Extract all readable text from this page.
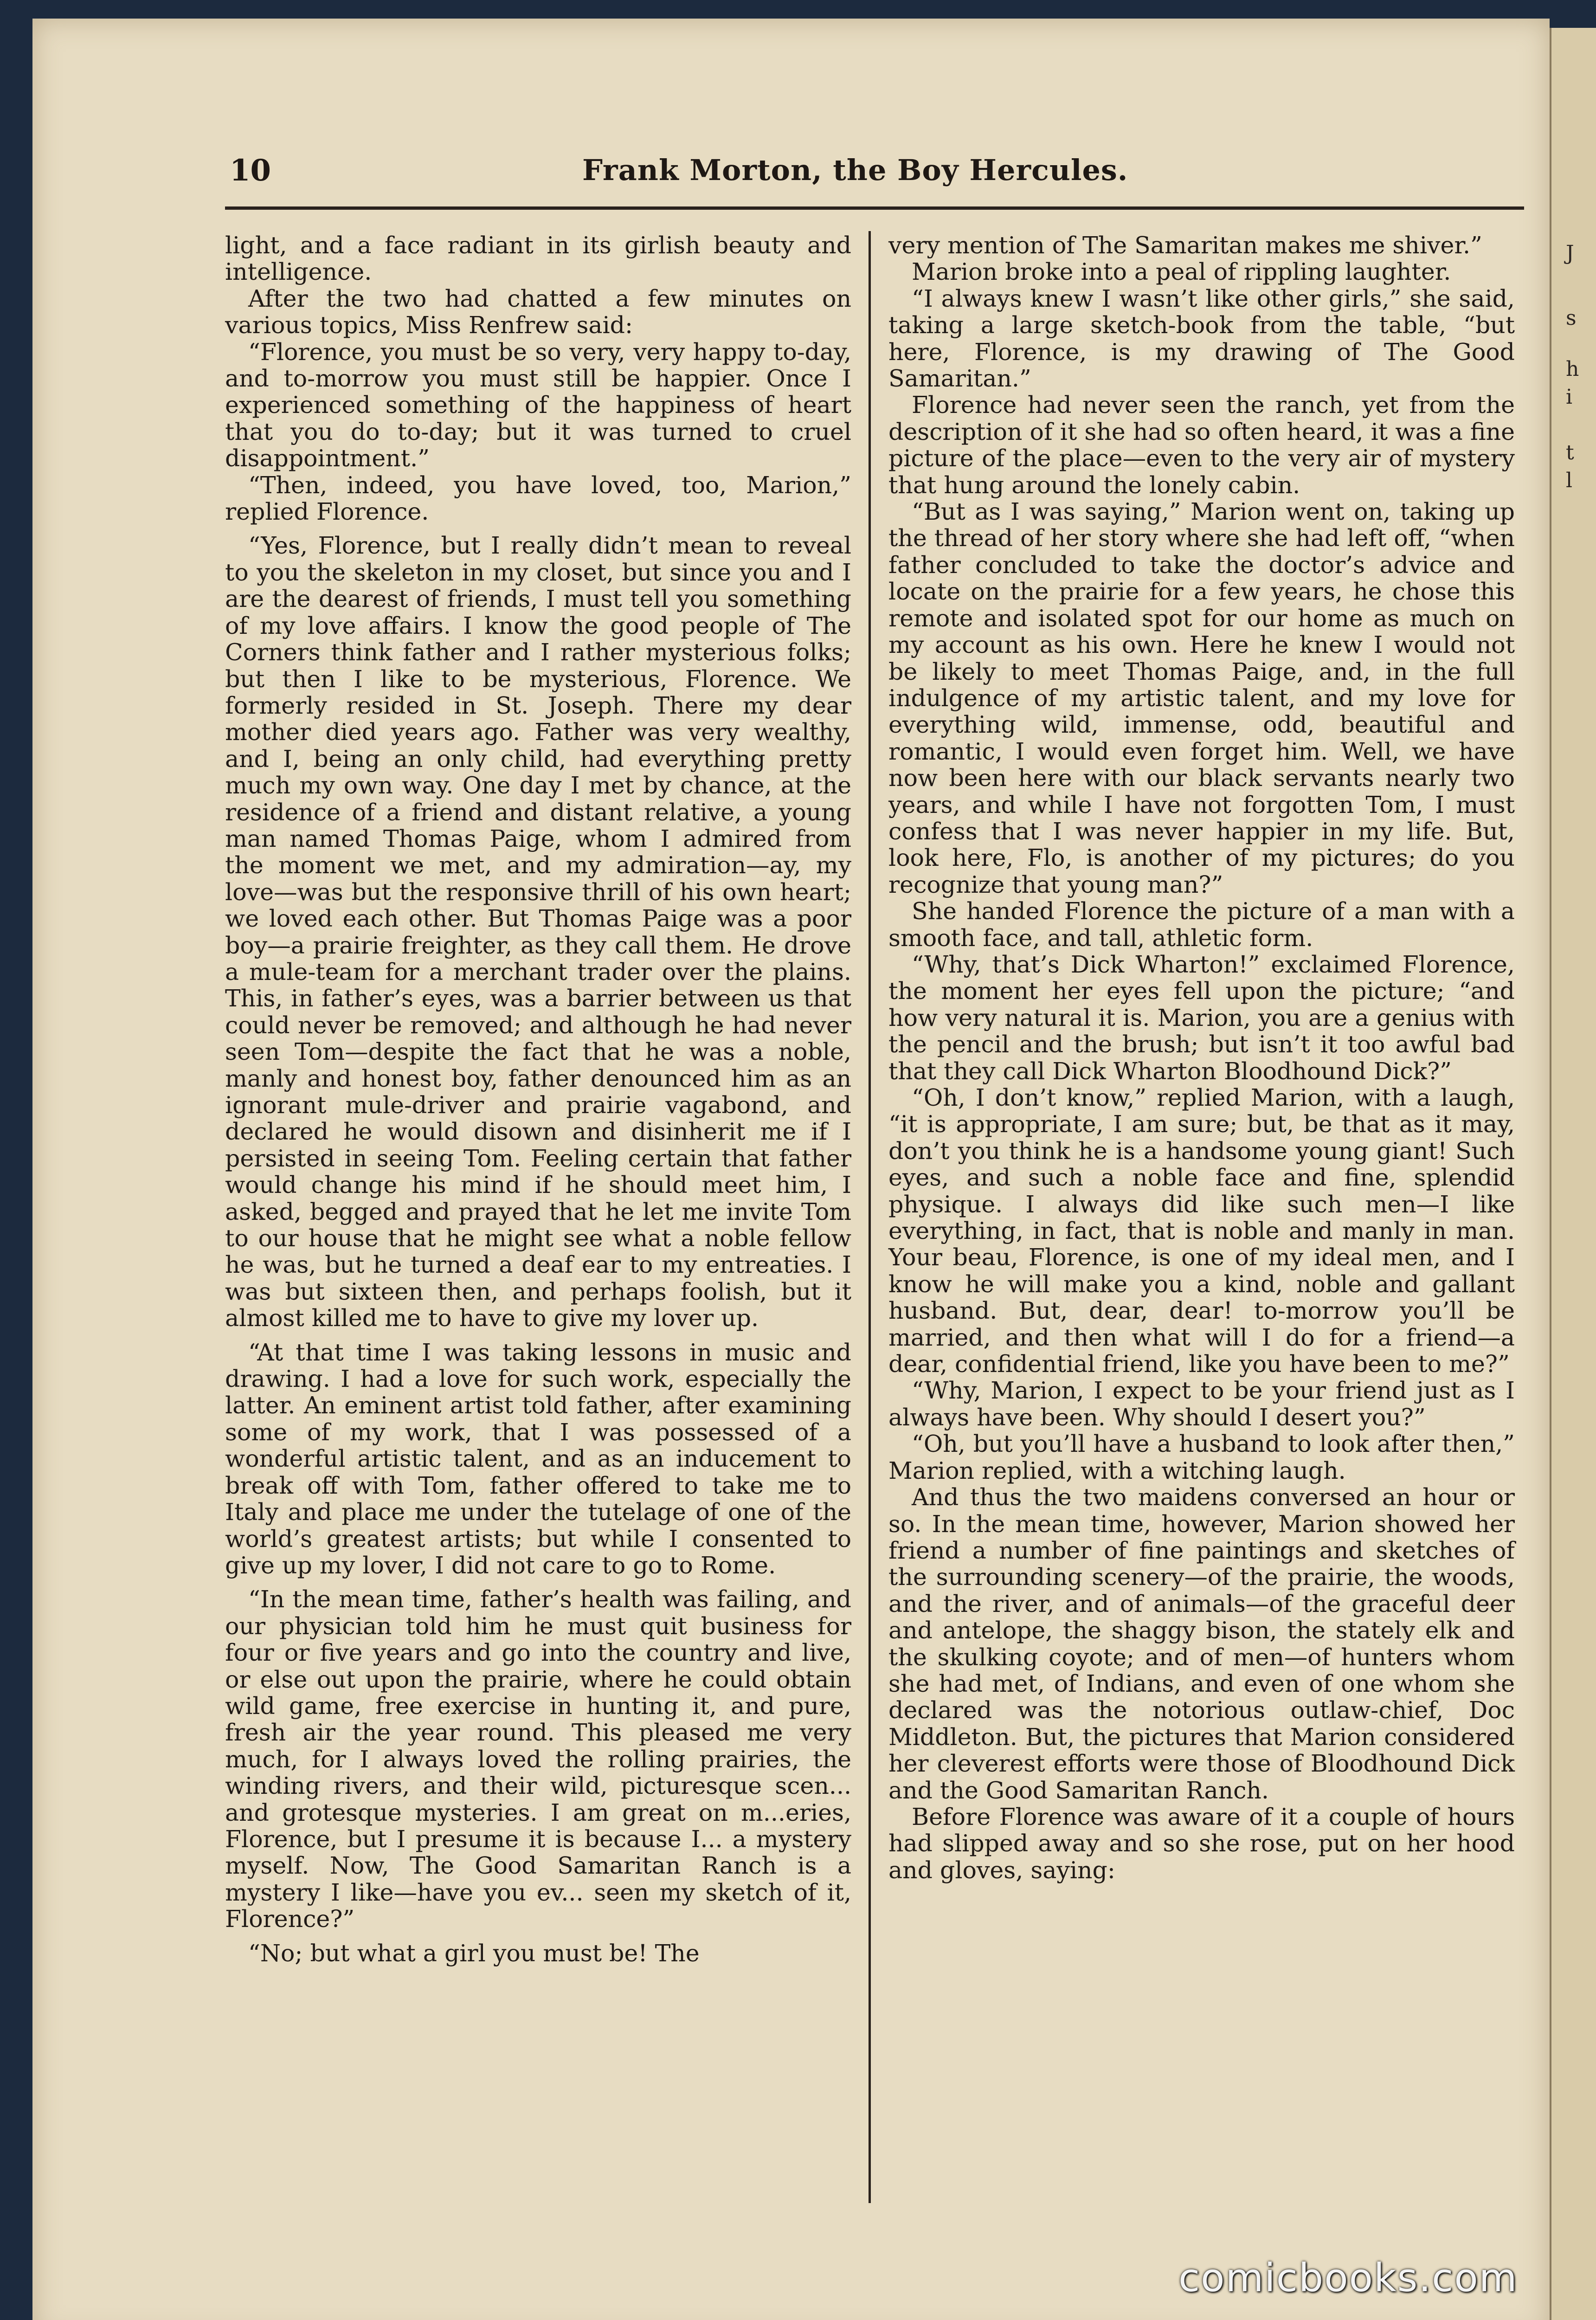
J
s
h
i
t
l
10	Frank Morton, the Boy Hercules.

light, and a face radiant in its girlish beauty and intelligence.

After the two had chatted a few minutes on various topics, Miss Renfrew said:

“Florence, you must be so very, very happy to-day, and to-morrow you must still be happier. Once I experienced something of the happiness of heart that you do to-day; but it was turned to cruel disappointment.”

“Then, indeed, you have loved, too, Marion,” replied Florence.

“Yes, Florence, but I really didn’t mean to reveal to you the skeleton in my closet, but since you and I are the dearest of friends, I must tell you something of my love affairs. I know the good people of The Corners think father and I rather mysterious folks; but then I like to be mysterious, Florence. We formerly resided in St. Joseph. There my dear mother died years ago. Father was very wealthy, and I, being an only child, had everything pretty much my own way. One day I met by chance, at the residence of a friend and distant relative, a young man named Thomas Paige, whom I admired from the moment we met, and my admiration—ay, my love—was but the responsive thrill of his own heart; we loved each other. But Thomas Paige was a poor boy—a prairie freighter, as they call them. He drove a mule-team for a merchant trader over the plains. This, in father’s eyes, was a barrier between us that could never be removed; and although he had never seen Tom—despite the fact that he was a noble, manly and honest boy, father denounced him as an ignorant mule-driver and prairie vagabond, and declared he would disown and disinherit me if I persisted in seeing Tom. Feeling certain that father would change his mind if he should meet him, I asked, begged and prayed that he let me invite Tom to our house that he might see what a noble fellow he was, but he turned a deaf ear to my entreaties. I was but sixteen then, and perhaps foolish, but it almost killed me to have to give my lover up.

“At that time I was taking lessons in music and drawing. I had a love for such work, especially the latter. An eminent artist told father, after examining some of my work, that I was possessed of a wonderful artistic talent, and as an inducement to break off with Tom, father offered to take me to Italy and place me under the tutelage of one of the world’s greatest artists; but while I consented to give up my lover, I did not care to go to Rome.

“In the mean time, father’s health was failing, and our physician told him he must quit business for four or five years and go into the country and live, or else out upon the prairie, where he could obtain wild game, free exercise in hunting it, and pure, fresh air the year round. This pleased me very much, for I always loved the rolling prairies, the winding rivers, and their wild, picturesque scen... and grotesque mysteries. I am great on m...eries, Florence, but I presume it is because I... a mystery myself. Now, The Good Samaritan Ranch is a mystery I like—have you ev... seen my sketch of it, Florence?”

“No; but what a girl you must be! The

very mention of The Samaritan makes me shiver.”

Marion broke into a peal of rippling laughter.

“I always knew I wasn’t like other girls,” she said, taking a large sketch-book from the table, “but here, Florence, is my drawing of The Good Samaritan.”

Florence had never seen the ranch, yet from the description of it she had so often heard, it was a fine picture of the place—even to the very air of mystery that hung around the lonely cabin.

“But as I was saying,” Marion went on, taking up the thread of her story where she had left off, “when father concluded to take the doctor’s advice and locate on the prairie for a few years, he chose this remote and isolated spot for our home as much on my account as his own. Here he knew I would not be likely to meet Thomas Paige, and, in the full indulgence of my artistic talent, and my love for everything wild, immense, odd, beautiful and romantic, I would even forget him. Well, we have now been here with our black servants nearly two years, and while I have not forgotten Tom, I must confess that I was never happier in my life. But, look here, Flo, is another of my pictures; do you recognize that young man?”

She handed Florence the picture of a man with a smooth face, and tall, athletic form.

“Why, that’s Dick Wharton!” exclaimed Florence, the moment her eyes fell upon the picture; “and how very natural it is. Marion, you are a genius with the pencil and the brush; but isn’t it too awful bad that they call Dick Wharton Bloodhound Dick?”

“Oh, I don’t know,” replied Marion, with a laugh, “it is appropriate, I am sure; but, be that as it may, don’t you think he is a handsome young giant! Such eyes, and such a noble face and fine, splendid physique. I always did like such men—I like everything, in fact, that is noble and manly in man. Your beau, Florence, is one of my ideal men, and I know he will make you a kind, noble and gallant husband. But, dear, dear! to-morrow you’ll be married, and then what will I do for a friend—a dear, confidential friend, like you have been to me?”

“Why, Marion, I expect to be your friend just as I always have been. Why should I desert you?”

“Oh, but you’ll have a husband to look after then,” Marion replied, with a witching laugh.

And thus the two maidens conversed an hour or so. In the mean time, however, Marion showed her friend a number of fine paintings and sketches of the surrounding scenery—of the prairie, the woods, and the river, and of animals—of the graceful deer and antelope, the shaggy bison, the stately elk and the skulking coyote; and of men—of hunters whom she had met, of Indians, and even of one whom she declared was the notorious outlaw-chief, Doc Middleton. But, the pictures that Marion considered her cleverest efforts were those of Bloodhound Dick and the Good Samaritan Ranch.

Before Florence was aware of it a couple of hours had slipped away and so she rose, put on her hood and gloves, saying:

comicbooks.com
